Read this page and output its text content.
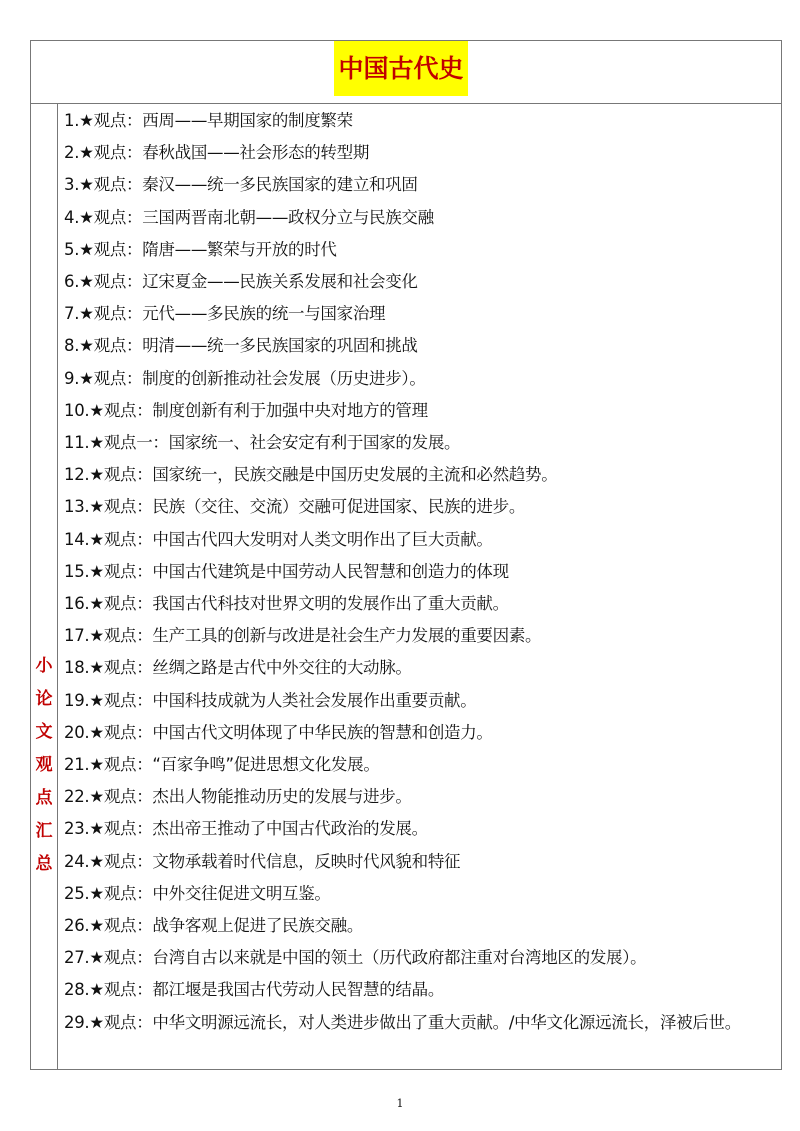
中国古代史
小
论
文
观
点
汇
总
1.★观点：西周——早期国家的制度繁荣
2.★观点：春秋战国——社会形态的转型期
3.★观点：秦汉——统一多民族国家的建立和巩固
4.★观点：三国两晋南北朝——政权分立与民族交融
5.★观点：隋唐——繁荣与开放的时代
6.★观点：辽宋夏金——民族关系发展和社会变化
7.★观点：元代——多民族的统一与国家治理
8.★观点：明清——统一多民族国家的巩固和挑战
9.★观点：制度的创新推动社会发展（历史进步）。
10.★观点：制度创新有利于加强中央对地方的管理
11.★观点一：国家统一、社会安定有利于国家的发展。
12.★观点：国家统一，民族交融是中国历史发展的主流和必然趋势。
13.★观点：民族（交往、交流）交融可促进国家、民族的进步。
14.★观点：中国古代四大发明对人类文明作出了巨大贡献。
15.★观点：中国古代建筑是中国劳动人民智慧和创造力的体现
16.★观点：我国古代科技对世界文明的发展作出了重大贡献。
17.★观点：生产工具的创新与改进是社会生产力发展的重要因素。
18.★观点：丝绸之路是古代中外交往的大动脉。
19.★观点：中国科技成就为人类社会发展作出重要贡献。
20.★观点：中国古代文明体现了中华民族的智慧和创造力。
21.★观点：“百家争鸣”促进思想文化发展。
22.★观点：杰出人物能推动历史的发展与进步。
23.★观点：杰出帝王推动了中国古代政治的发展。
24.★观点：文物承载着时代信息，反映时代风貌和特征
25.★观点：中外交往促进文明互鉴。
26.★观点：战争客观上促进了民族交融。
27.★观点：台湾自古以来就是中国的领土（历代政府都注重对台湾地区的发展）。
28.★观点：都江堰是我国古代劳动人民智慧的结晶。
29.★观点：中华文明源远流长，对人类进步做出了重大贡献。/中华文化源远流长，泽被后世。
1
